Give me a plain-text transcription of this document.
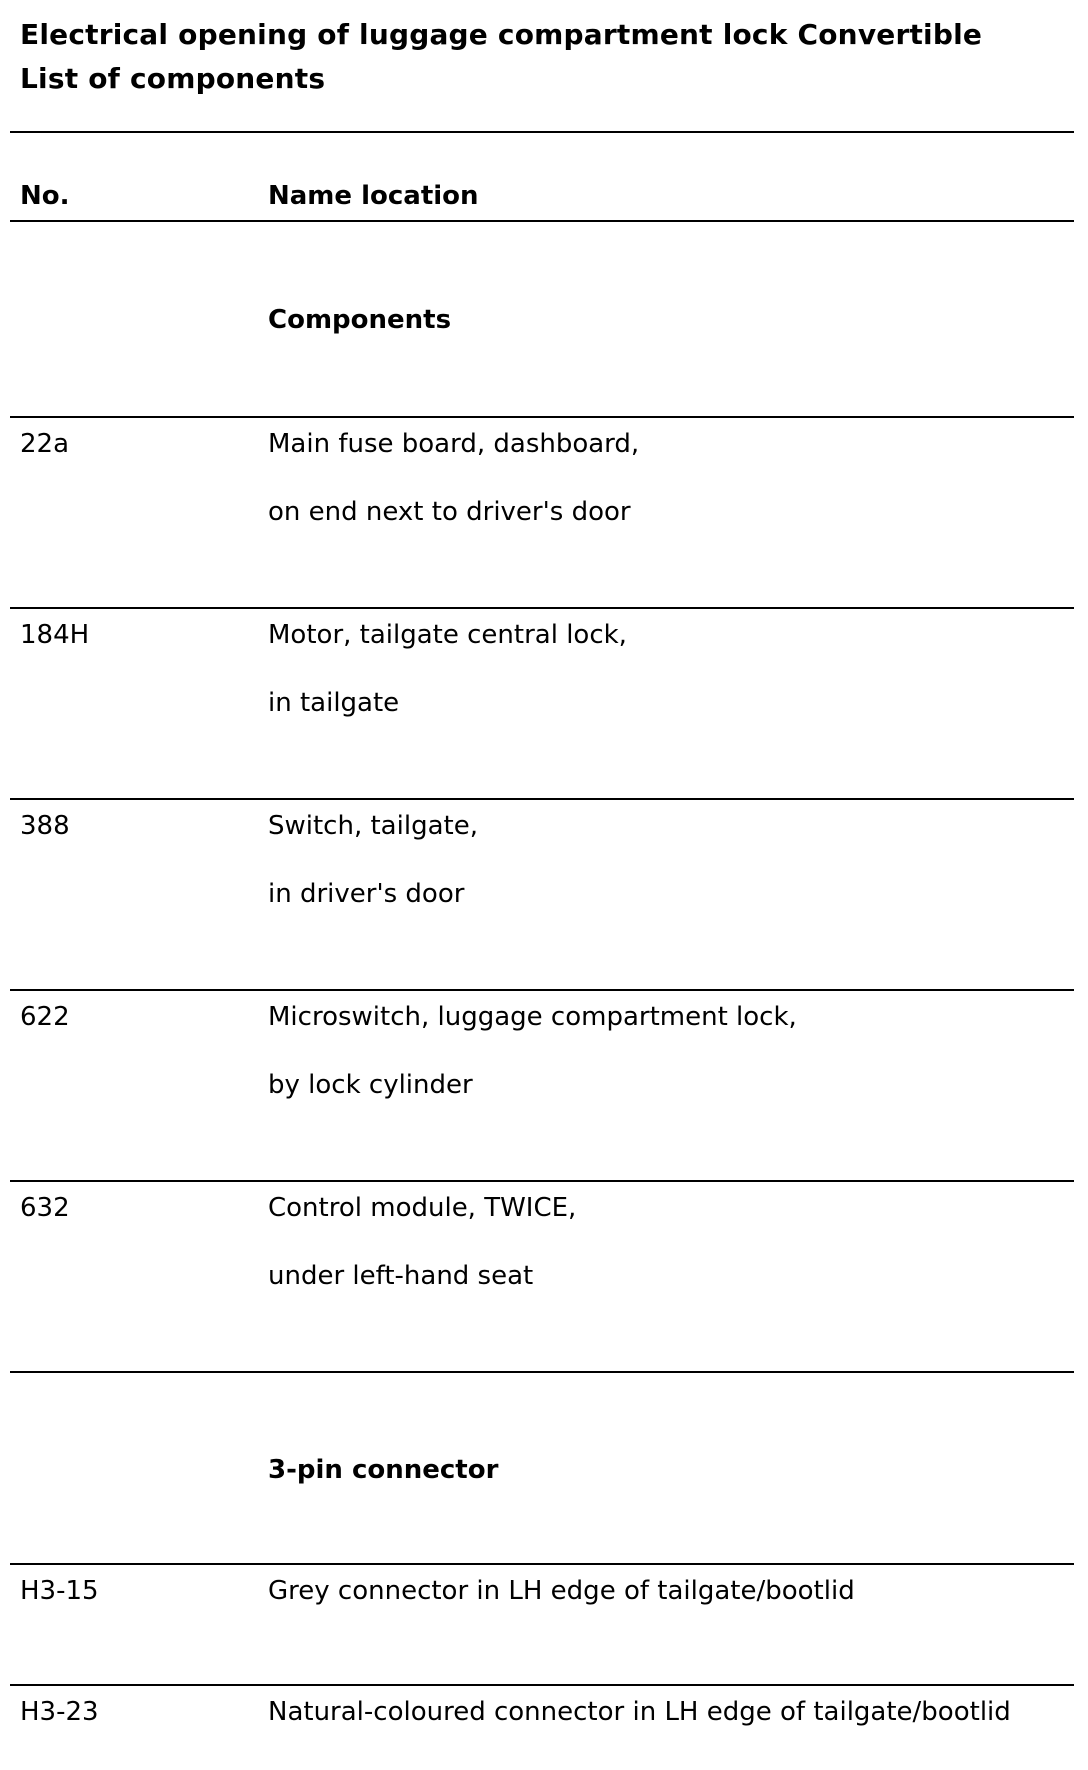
Electrical opening of luggage compartment lock Convertible
List of components
No.	Name location
Components
22a	Main fuse board, dashboard,
on end next to driver's door
184H	Motor, tailgate central lock,
in tailgate
388	Switch, tailgate,
in driver's door
622	Microswitch, luggage compartment lock,
by lock cylinder
632	Control module, TWICE,
under left-hand seat
3-pin connector
H3-15	Grey connector in LH edge of tailgate/bootlid
H3-23	Natural-coloured connector in LH edge of tailgate/bootlid
